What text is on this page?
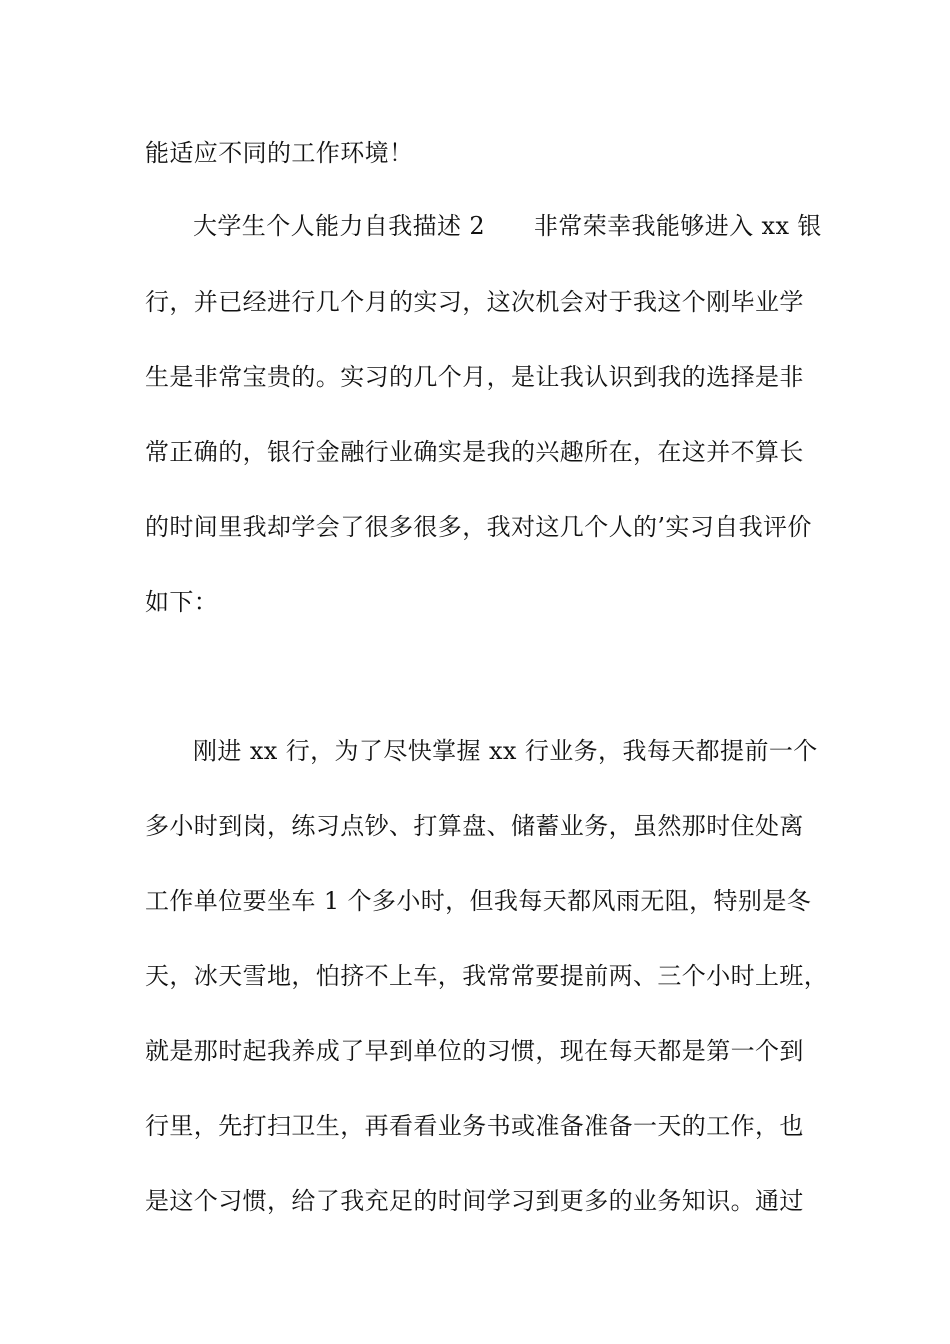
能适应不同的工作环境！

大学生个人能力自我描述 2　　非常荣幸我能够进入 xx 银

行，并已经进行几个月的实习，这次机会对于我这个刚毕业学

生是非常宝贵的。实习的几个月，是让我认识到我的选择是非

常正确的，银行金融行业确实是我的兴趣所在，在这并不算长

的时间里我却学会了很多很多，我对这几个人的’实习自我评价

如下：

刚进 xx 行，为了尽快掌握 xx 行业务，我每天都提前一个

多小时到岗，练习点钞、打算盘、储蓄业务，虽然那时住处离

工作单位要坐车 1 个多小时，但我每天都风雨无阻，特别是冬

天，冰天雪地，怕挤不上车，我常常要提前两、三个小时上班，

就是那时起我养成了早到单位的习惯，现在每天都是第一个到

行里，先打扫卫生，再看看业务书或准备准备一天的工作，也

是这个习惯，给了我充足的时间学习到更多的业务知识。通过
